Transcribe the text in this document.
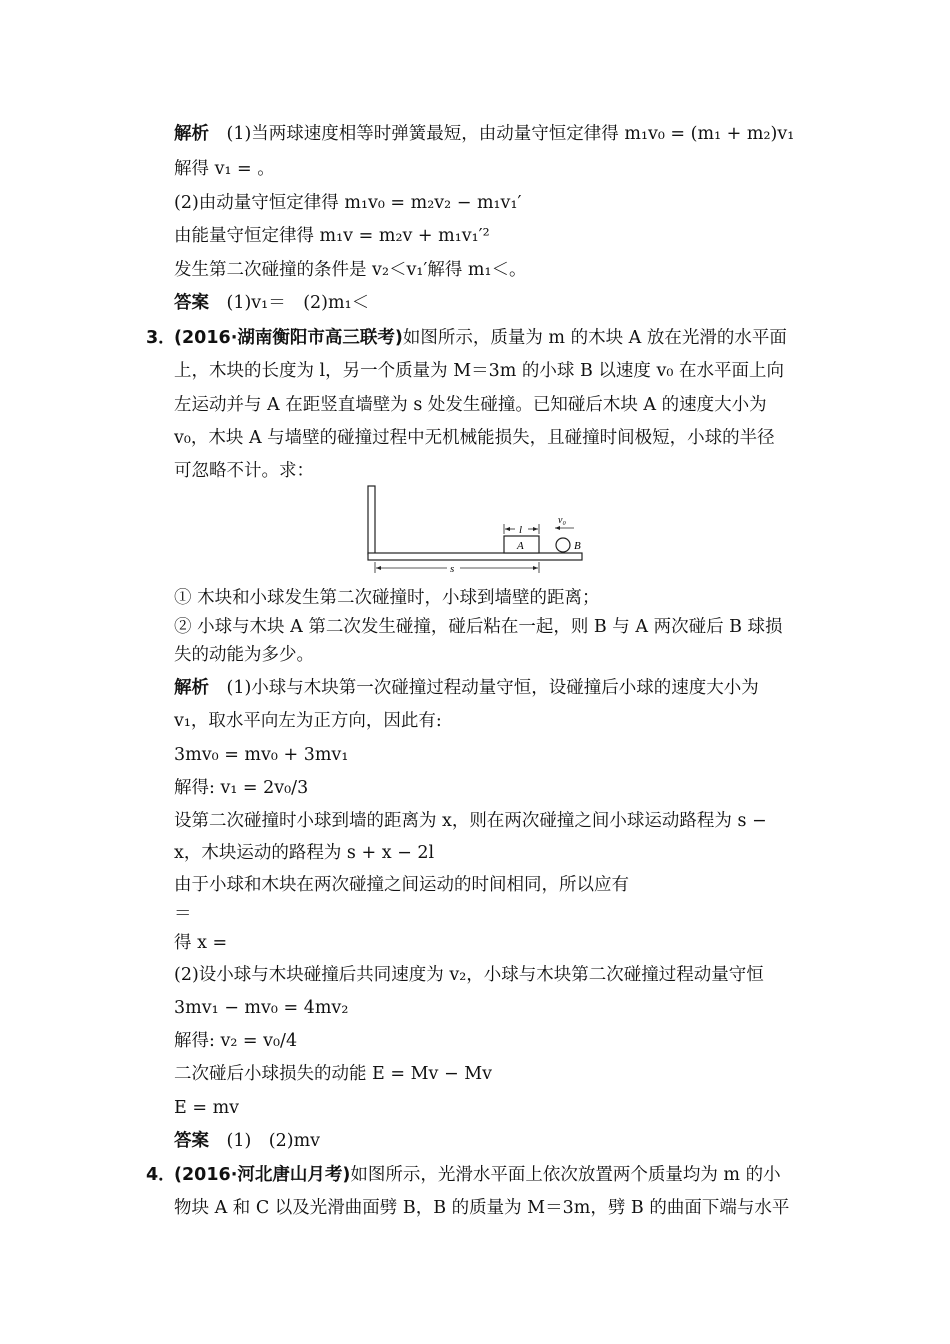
解析　 (1)当两球速度相等时弹簧最短，由动量守恒定律得 m₁v₀ = (m₁ + m₂)v₁
解得 v₁ = 。
(2)由动量守恒定律得 m₁v₀ = m₂v₂ − m₁v₁′
由能量守恒定律得 m₁v = m₂v + m₁v₁′²
发生第二次碰撞的条件是 v₂＜v₁′解得 m₁＜。
答案　 (1)v₁＝　(2)m₁＜
3．
(2016·湖南衡阳市高三联考)如图所示，质量为 m 的木块 A 放在光滑的水平面
上，木块的长度为 l，另一个质量为 M＝3m 的小球 B 以速度 v₀ 在水平面上向
左运动并与 A 在距竖直墙壁为 s 处发生碰撞。已知碰后木块 A 的速度大小为
v₀，木块 A 与墙壁的碰撞过程中无机械能损失，且碰撞时间极短，小球的半径
可忽略不计。求：
l
v₀
A	B
s
① 木块和小球发生第二次碰撞时，小球到墙壁的距离；
② 小球与木块 A 第二次发生碰撞，碰后粘在一起，则 B 与 A 两次碰后 B 球损
失的动能为多少。
解析　 (1)小球与木块第一次碰撞过程动量守恒，设碰撞后小球的速度大小为
v₁，取水平向左为正方向，因此有:
3mv₀ = mv₀ + 3mv₁
解得: v₁ = 2v₀/3
设第二次碰撞时小球到墙的距离为 x，则在两次碰撞之间小球运动路程为 s −
x，木块运动的路程为 s + x − 2l
由于小球和木块在两次碰撞之间运动的时间相同，所以应有
＝
得 x =
(2)设小球与木块碰撞后共同速度为 v₂，小球与木块第二次碰撞过程动量守恒
3mv₁ − mv₀ = 4mv₂
解得: v₂ = v₀/4
二次碰后小球损失的动能 E = Mv − Mv
E = mv
答案　 (1)　(2)mv
4．
(2016·河北唐山月考)如图所示，光滑水平面上依次放置两个质量均为 m 的小
物块 A 和 C 以及光滑曲面劈 B，B 的质量为 M＝3m，劈 B 的曲面下端与水平
